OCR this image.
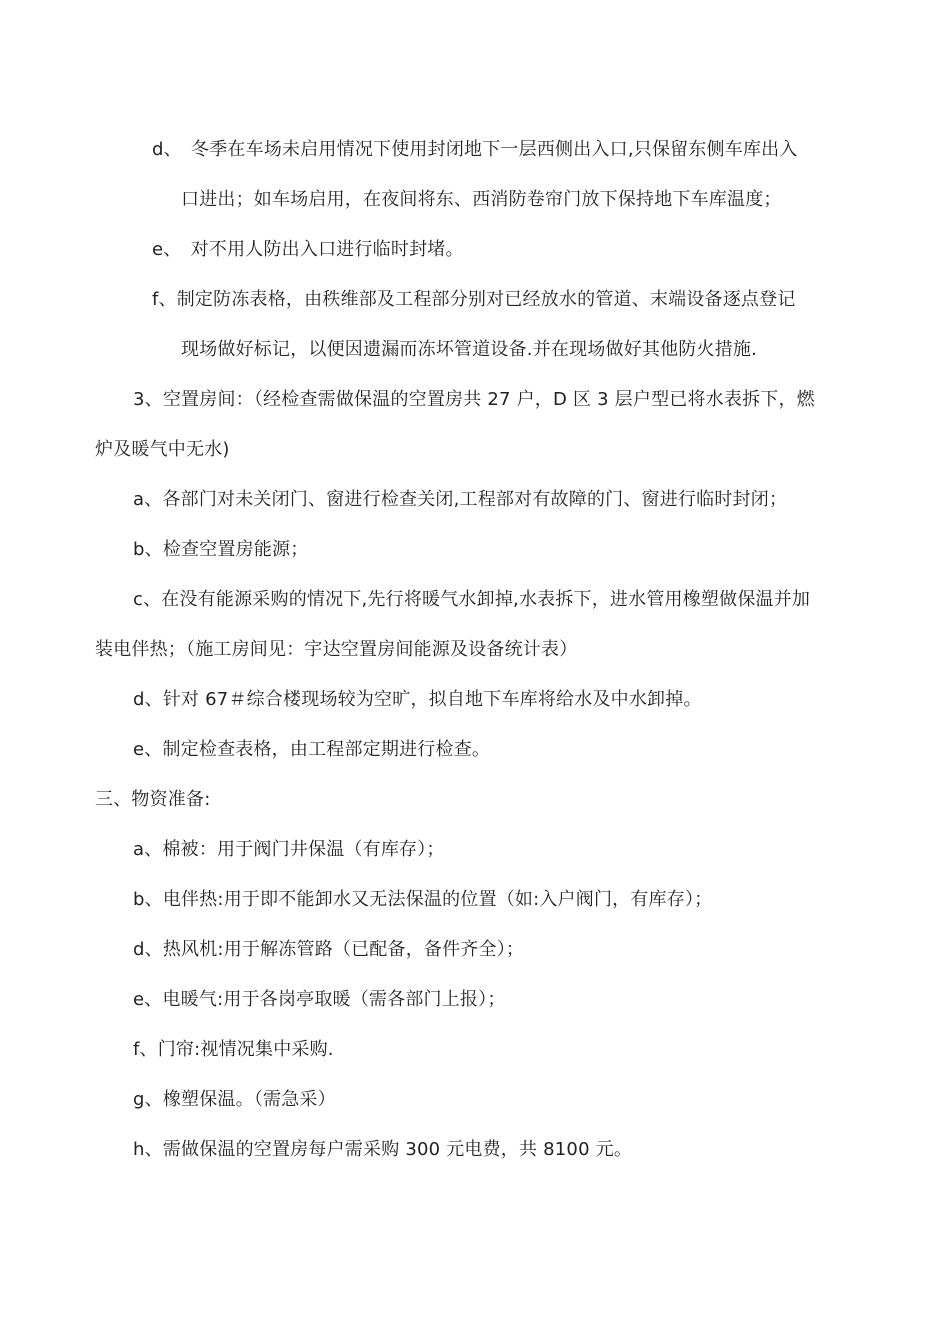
d、　冬季在车场未启用情况下使用封闭地下一层西侧出入口,只保留东侧车库出入
口进出；如车场启用，在夜间将东、西消防卷帘门放下保持地下车库温度；
e、　对不用人防出入口进行临时封堵。
f、制定防冻表格，由秩维部及工程部分别对已经放水的管道、末端设备逐点登记
现场做好标记，以便因遗漏而冻坏管道设备.并在现场做好其他防火措施.
3、空置房间：（经检查需做保温的空置房共 27 户，D 区 3 层户型已将水表拆下，燃
炉及暖气中无水)
a、各部门对未关闭门、窗进行检查关闭,工程部对有故障的门、窗进行临时封闭；
b、检查空置房能源；
c、在没有能源采购的情况下,先行将暖气水卸掉,水表拆下，进水管用橡塑做保温并加
装电伴热；（施工房间见：宇达空置房间能源及设备统计表）
d、针对 67＃综合楼现场较为空旷，拟自地下车库将给水及中水卸掉。
e、制定检查表格，由工程部定期进行检查。
三、物资准备:
a、棉被：用于阀门井保温（有库存）；
b、电伴热:用于即不能卸水又无法保温的位置（如:入户阀门，有库存）；
d、热风机:用于解冻管路（已配备，备件齐全）；
e、电暖气:用于各岗亭取暖（需各部门上报）；
f、门帘:视情况集中采购.
g、橡塑保温。（需急采）
h、需做保温的空置房每户需采购 300 元电费，共 8100 元。
